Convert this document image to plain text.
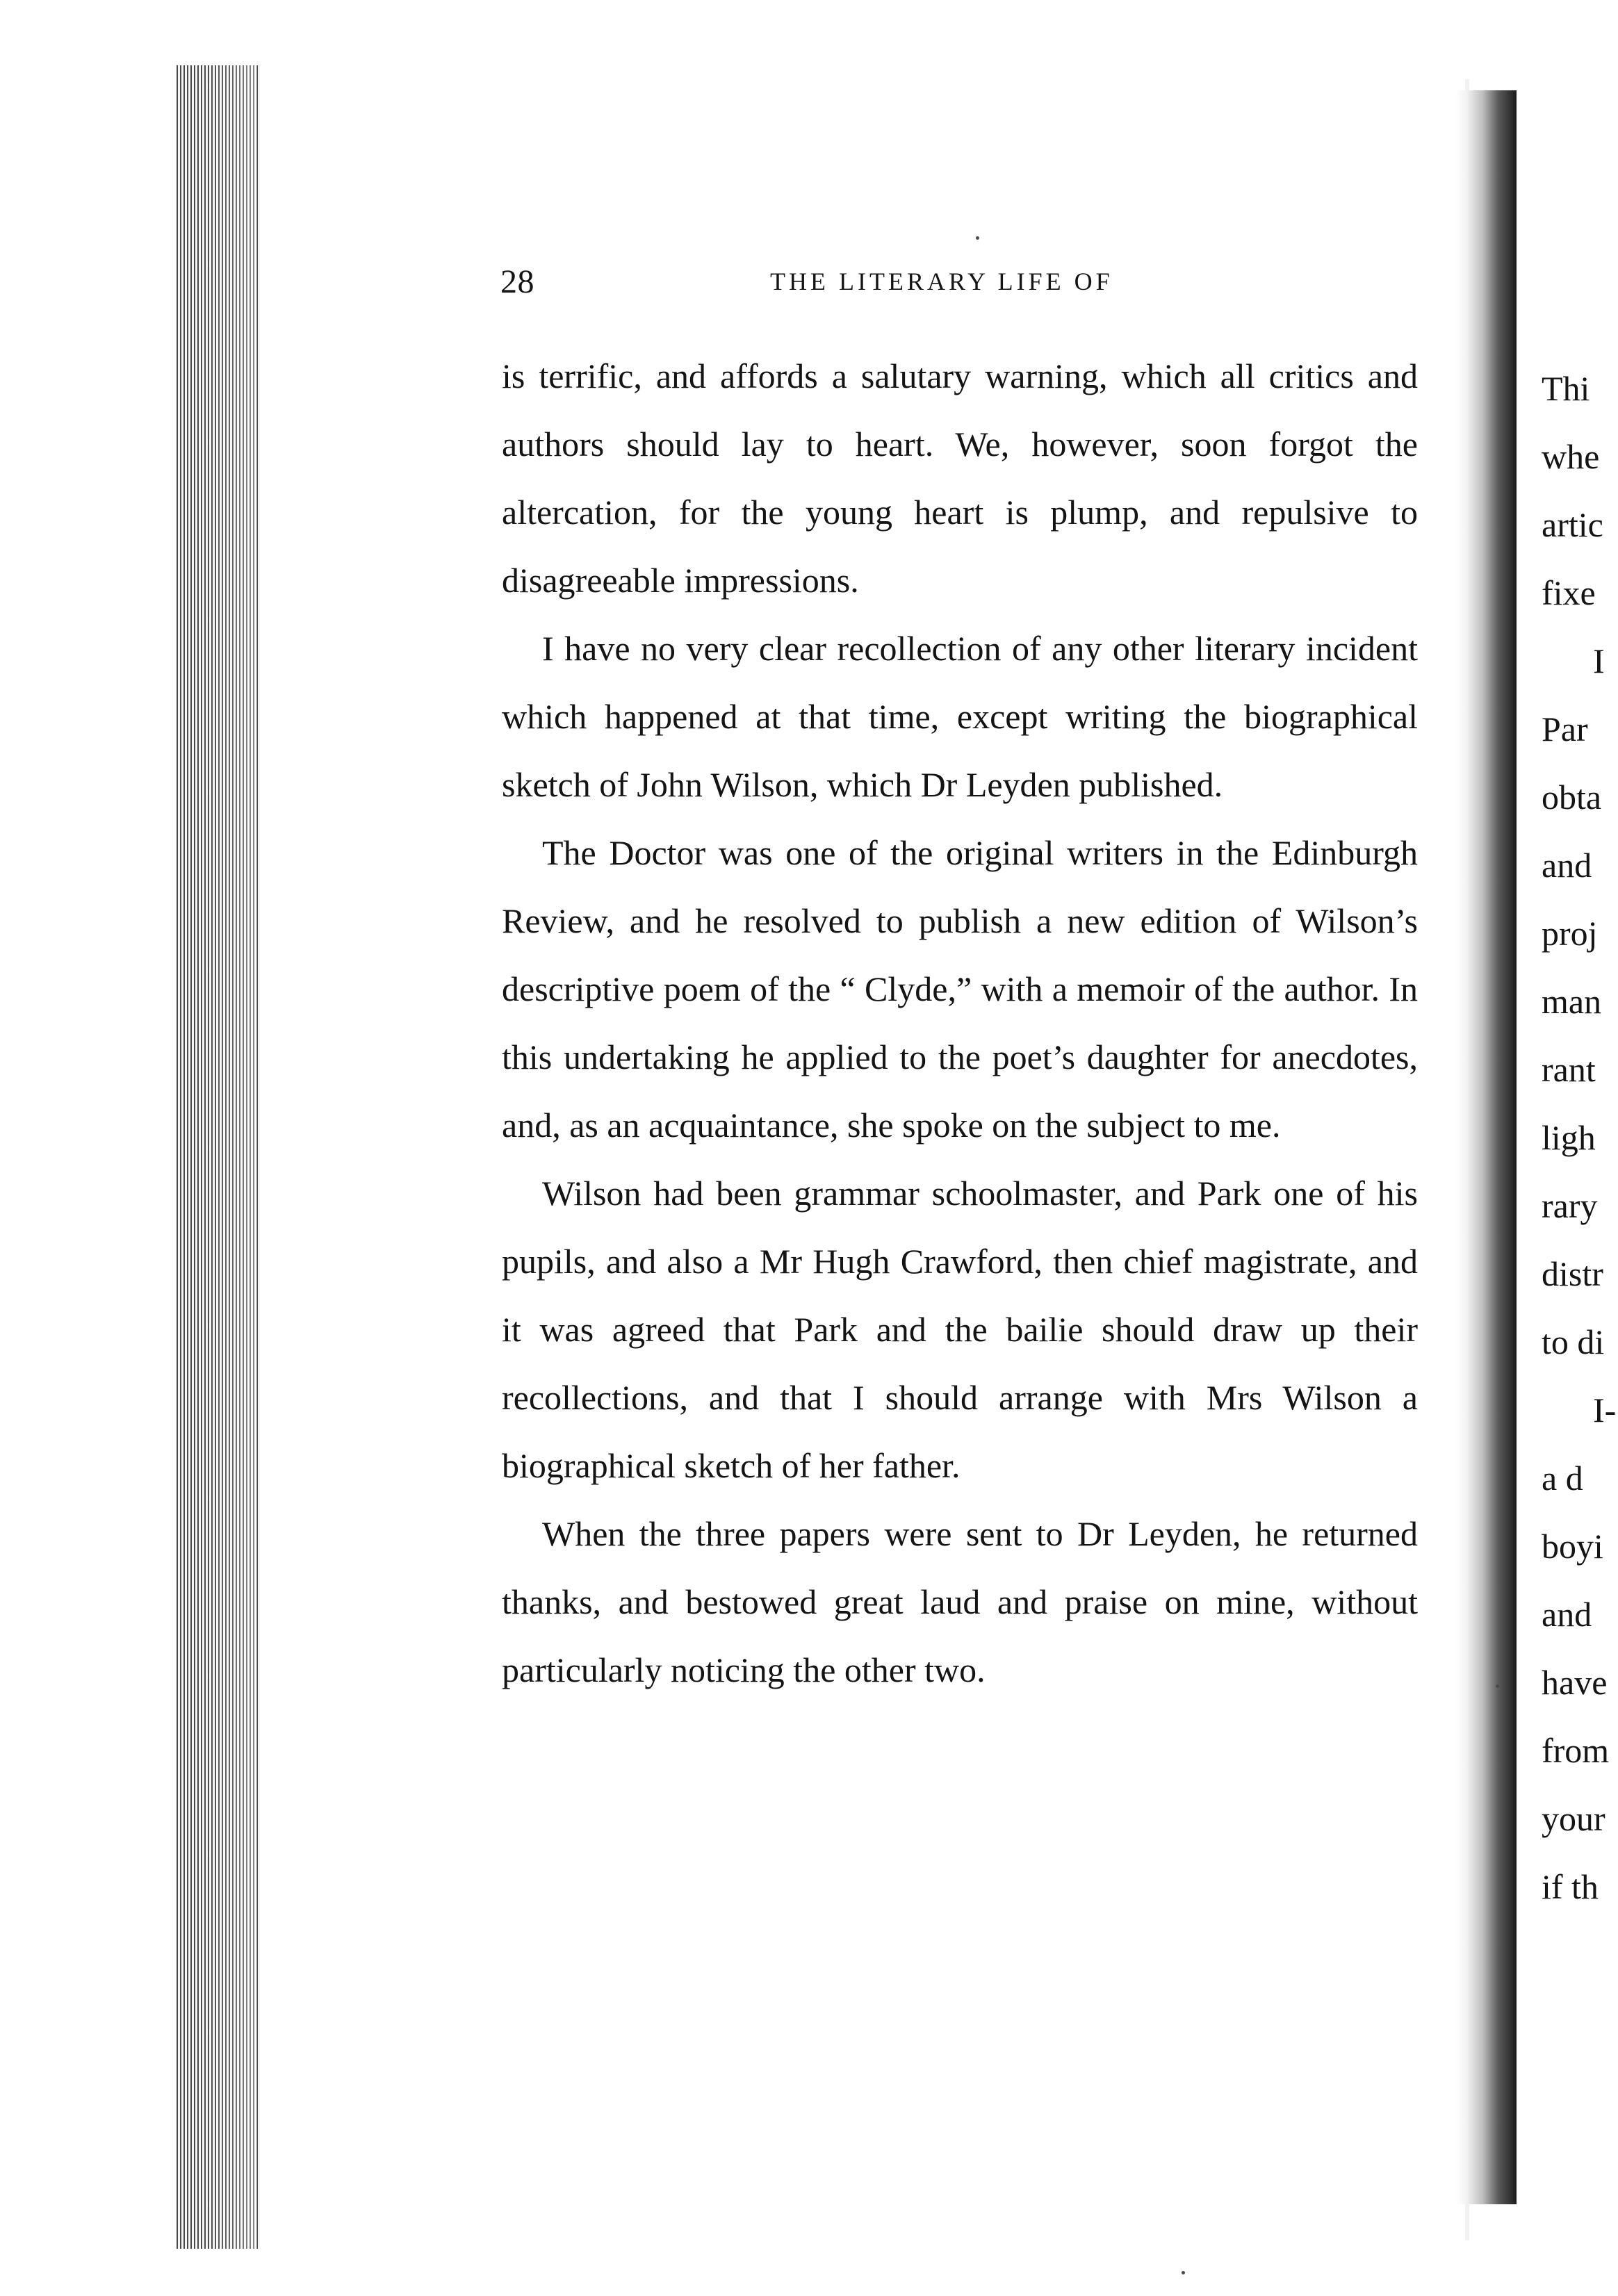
28	THE LITERARY LIFE OF

is terrific, and affords a salutary warning, which all critics and authors should lay to heart. We, however, soon forgot the altercation, for the young heart is plump, and repulsive to disagreeable impressions.

I have no very clear recollection of any other literary incident which happened at that time, except writing the biographical sketch of John Wilson, which Dr Leyden published.

The Doctor was one of the original writers in the Edinburgh Review, and he resolved to publish a new edition of Wilson’s descriptive poem of the “ Clyde,” with a memoir of the author. In this undertaking he applied to the poet’s daughter for anecdotes, and, as an acquaintance, she spoke on the subject to me.

Wilson had been grammar schoolmaster, and Park one of his pupils, and also a Mr Hugh Crawford, then chief magistrate, and it was agreed that Park and the bailie should draw up their recollections, and that I should arrange with Mrs Wilson a biographical sketch of her father.

When the three papers were sent to Dr Leyden, he returned thanks, and bestowed great laud and praise on mine, without particularly noticing the other two.

Thi
whe
artic
fixe
I
Par
obta
and
proj
man
rant
ligh
rary
distr
to di
I-
a d
boyi
and
have
from
your
if th
